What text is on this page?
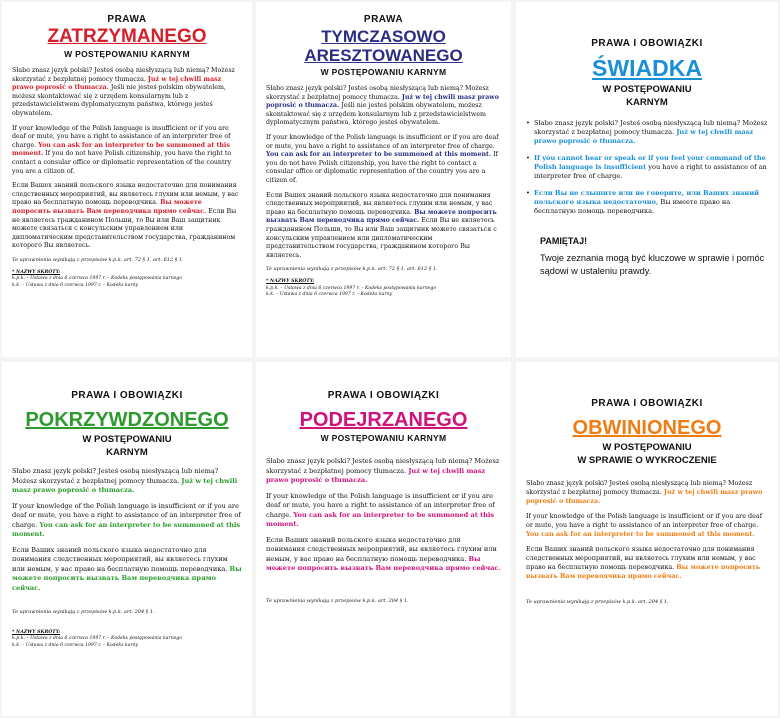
PRAWA
ZATRZYMANEGO
W POSTĘPOWANIU KARNYM

Słabo znasz język polski? Jesteś osobą niesłyszącą lub niemą? Możesz skorzystać z bezpłatnej pomocy tłumacza. Już w tej chwili masz prawo poprosić o tłumacza. Jeśli nie jesteś polskim obywatelem, możesz skontaktować się z urzędem konsularnym lub z przedstawicielstwem dyplomatycznym państwa, którego jesteś obywatelem.

If your knowledge of the Polish language is insufficient or if you are deaf or mute, you have a right to assistance of an interpreter free of charge. You can ask for an interpreter to be summoned at this moment. If you do not have Polish citizenship, you have the right to contact a consular office or diplomatic representation of the country you are a citizen of.

Если Вашех знаний польского языка недостаточно для понимания следственных мероприятий, вы являетесь глухим или немым, у вас право на бесплатную помощь переводчика. Вы можете попросить вызвать Вам переводчика прямо сейчас. Если Вы не являетесь гражданином Польши, то Вы или Ваш защитник можете связаться с консульским управлением или дипломатическим представительством государства, гражданином которого Вы являетесь.

Te uprawnienia wynikają z przepisów k.p.k. art. 72 § 1, art. 612 § 1.
* NAZWY SKRÓTY:
k.p.k. – Ustawa z dnia 6 czerwca 1997 r. – Kodeks postępowania karnego
k.k. – Ustawa z dnia 6 czerwca 1997 r. – Kodeks karny
PRAWA
TYMCZASOWO ARESZTOWANEGO
W POSTĘPOWANIU KARNYM

Słabo znasz język polski? Jesteś osobą niesłyszącą lub niemą? Możesz skorzystać z bezpłatnej pomocy tłumacza. Już w tej chwili masz prawo poprosić o tłumacza. Jeśli nie jesteś polskim obywatelem, możesz skontaktować się z urzędem konsularnym lub z przedstawicielstwem dyplomatycznym państwa, którego jesteś obywatelem.

If your knowledge of the Polish language is insufficient or if you are deaf or mute, you have a right to assistance of an interpreter free of charge. You can ask for an interpreter to be summoned at this moment. If you do not have Polish citizenship, you have the right to contact a consular office or diplomatic representation of the country you are a citizen of.

Если Вашех знаний польского языка недостаточно для понимания следственных мероприятий, вы являетесь глухим или немым, у вас право на бесплатную помощь переводчика. Вы можете попросить вызвать Вам переводчика прямо сейчас. Если Вы не являетесь гражданином Польши, то Вы или Ваш защитник можете связаться с консульским управлением или дипломатическим представительством государства, гражданином которого Вы являетесь.

Te uprawnienia wynikają z przepisów k.p.k. art. 72 § 1, art. 612 § 1.
* NAZWY SKRÓTY:
k.p.k. – Ustawa z dnia 6 czerwca 1997 r. – Kodeks postępowania karnego
k.k. – Ustawa z dnia 6 czerwca 1997 r. – Kodeks karny
PRAWA I OBOWIĄZKI
ŚWIADKA
W POSTĘPOWANIU
KARNYM
• Słabo znasz język polski? Jesteś osobą niesłyszącą lub niemą? Możesz skorzystać z bezpłatnej pomocy tłumacza. Już w tej chwili masz prawo poprosić o tłumacza.
• If you cannot hear or speak or if you feel your command of the Polish language is insufficient you have a right to assistance of an interpreter free of charge.
• Если Вы не слышите или не говорите, или Ваших знаний польского языка недостаточно, Вы имеете право на бесплатную помощь переводчика.
PAMIĘTAJ!
Twoje zeznania mogą być kluczowe w sprawie i pomóc sądowi w ustaleniu prawdy.
PRAWA I OBOWIĄZKI
POKRZYWDZONEGO
W POSTĘPOWANIU
KARNYM

Słabo znasz język polski? Jesteś osobą niesłyszącą lub niemą? Możesz skorzystać z bezpłatnej pomocy tłumacza. Już w tej chwili masz prawo poprosić o tłumacza.

If your knowledge of the Polish language is insufficient or if you are deaf or mute, you have a right to assistance of an interpreter free of charge. You can ask for an interpreter to be summoned at this moment.

Если Ваших знаний польского языка недостаточно для понимания следственных мероприятий, вы являетесь глухим или немым, у вас право на бесплатную помощь переводчика. Вы можете попросить вызвать Вам переводчика прямо сейчас.

Te uprawnienia wynikają z przepisów k.p.k. art. 204 § 1.
* NAZWY SKRÓTY:
k.p.k. – Ustawa z dnia 6 czerwca 1997 r. – Kodeks postępowania karnego
k.k. – Ustawa z dnia 6 czerwca 1997 r. – Kodeks karny
PRAWA I OBOWIĄZKI
PODEJRZANEGO
W POSTĘPOWANIU KARNYM

Słabo znasz język polski? Jesteś osobą niesłyszącą lub niemą? Możesz skorzystać z bezpłatnej pomocy tłumacza. Już w tej chwili masz prawo poprosić o tłumacza.

If your knowledge of the Polish language is insufficient or if you are deaf or mute, you have a right to assistance of an interpreter free of charge. You can ask for an interpreter to be summoned at this moment.

Если Ваших знаний польского языка недостаточно для понимания следственных мероприятий, вы являетесь глухим или немым, у вас право на бесплатную помощь переводчика. Вы можете попросить вызвать Вам переводчика прямо сейчас.

Te uprawnienia wynikają z przepisów k.p.k. art. 204 § 1.
PRAWA I OBOWIĄZKI
OBWINIONEGO
W POSTĘPOWANIU
W SPRAWIE O WYKROCZENIE

Słabo znasz język polski? Jesteś osobą niesłyszącą lub niemą? Możesz skorzystać z bezpłatnej pomocy tłumacza. Już w tej chwili masz prawo poprosić o tłumacza.

If your knowledge of the Polish language is insufficient or if you are deaf or mute, you have a right to assistance of an interpreter free of charge. You can ask for an interpreter to be summoned at this moment.

Если Ваших знаний польского языка недостаточно для понимания следственных мероприятий, вы являетесь глухим или немым, у вас право на бесплатную помощь переводчика. Вы можете попросить вызвать Вам переводчика прямо сейчас.

Te uprawnienia wynikają z przepisów k.p.k. art. 204 § 1.
